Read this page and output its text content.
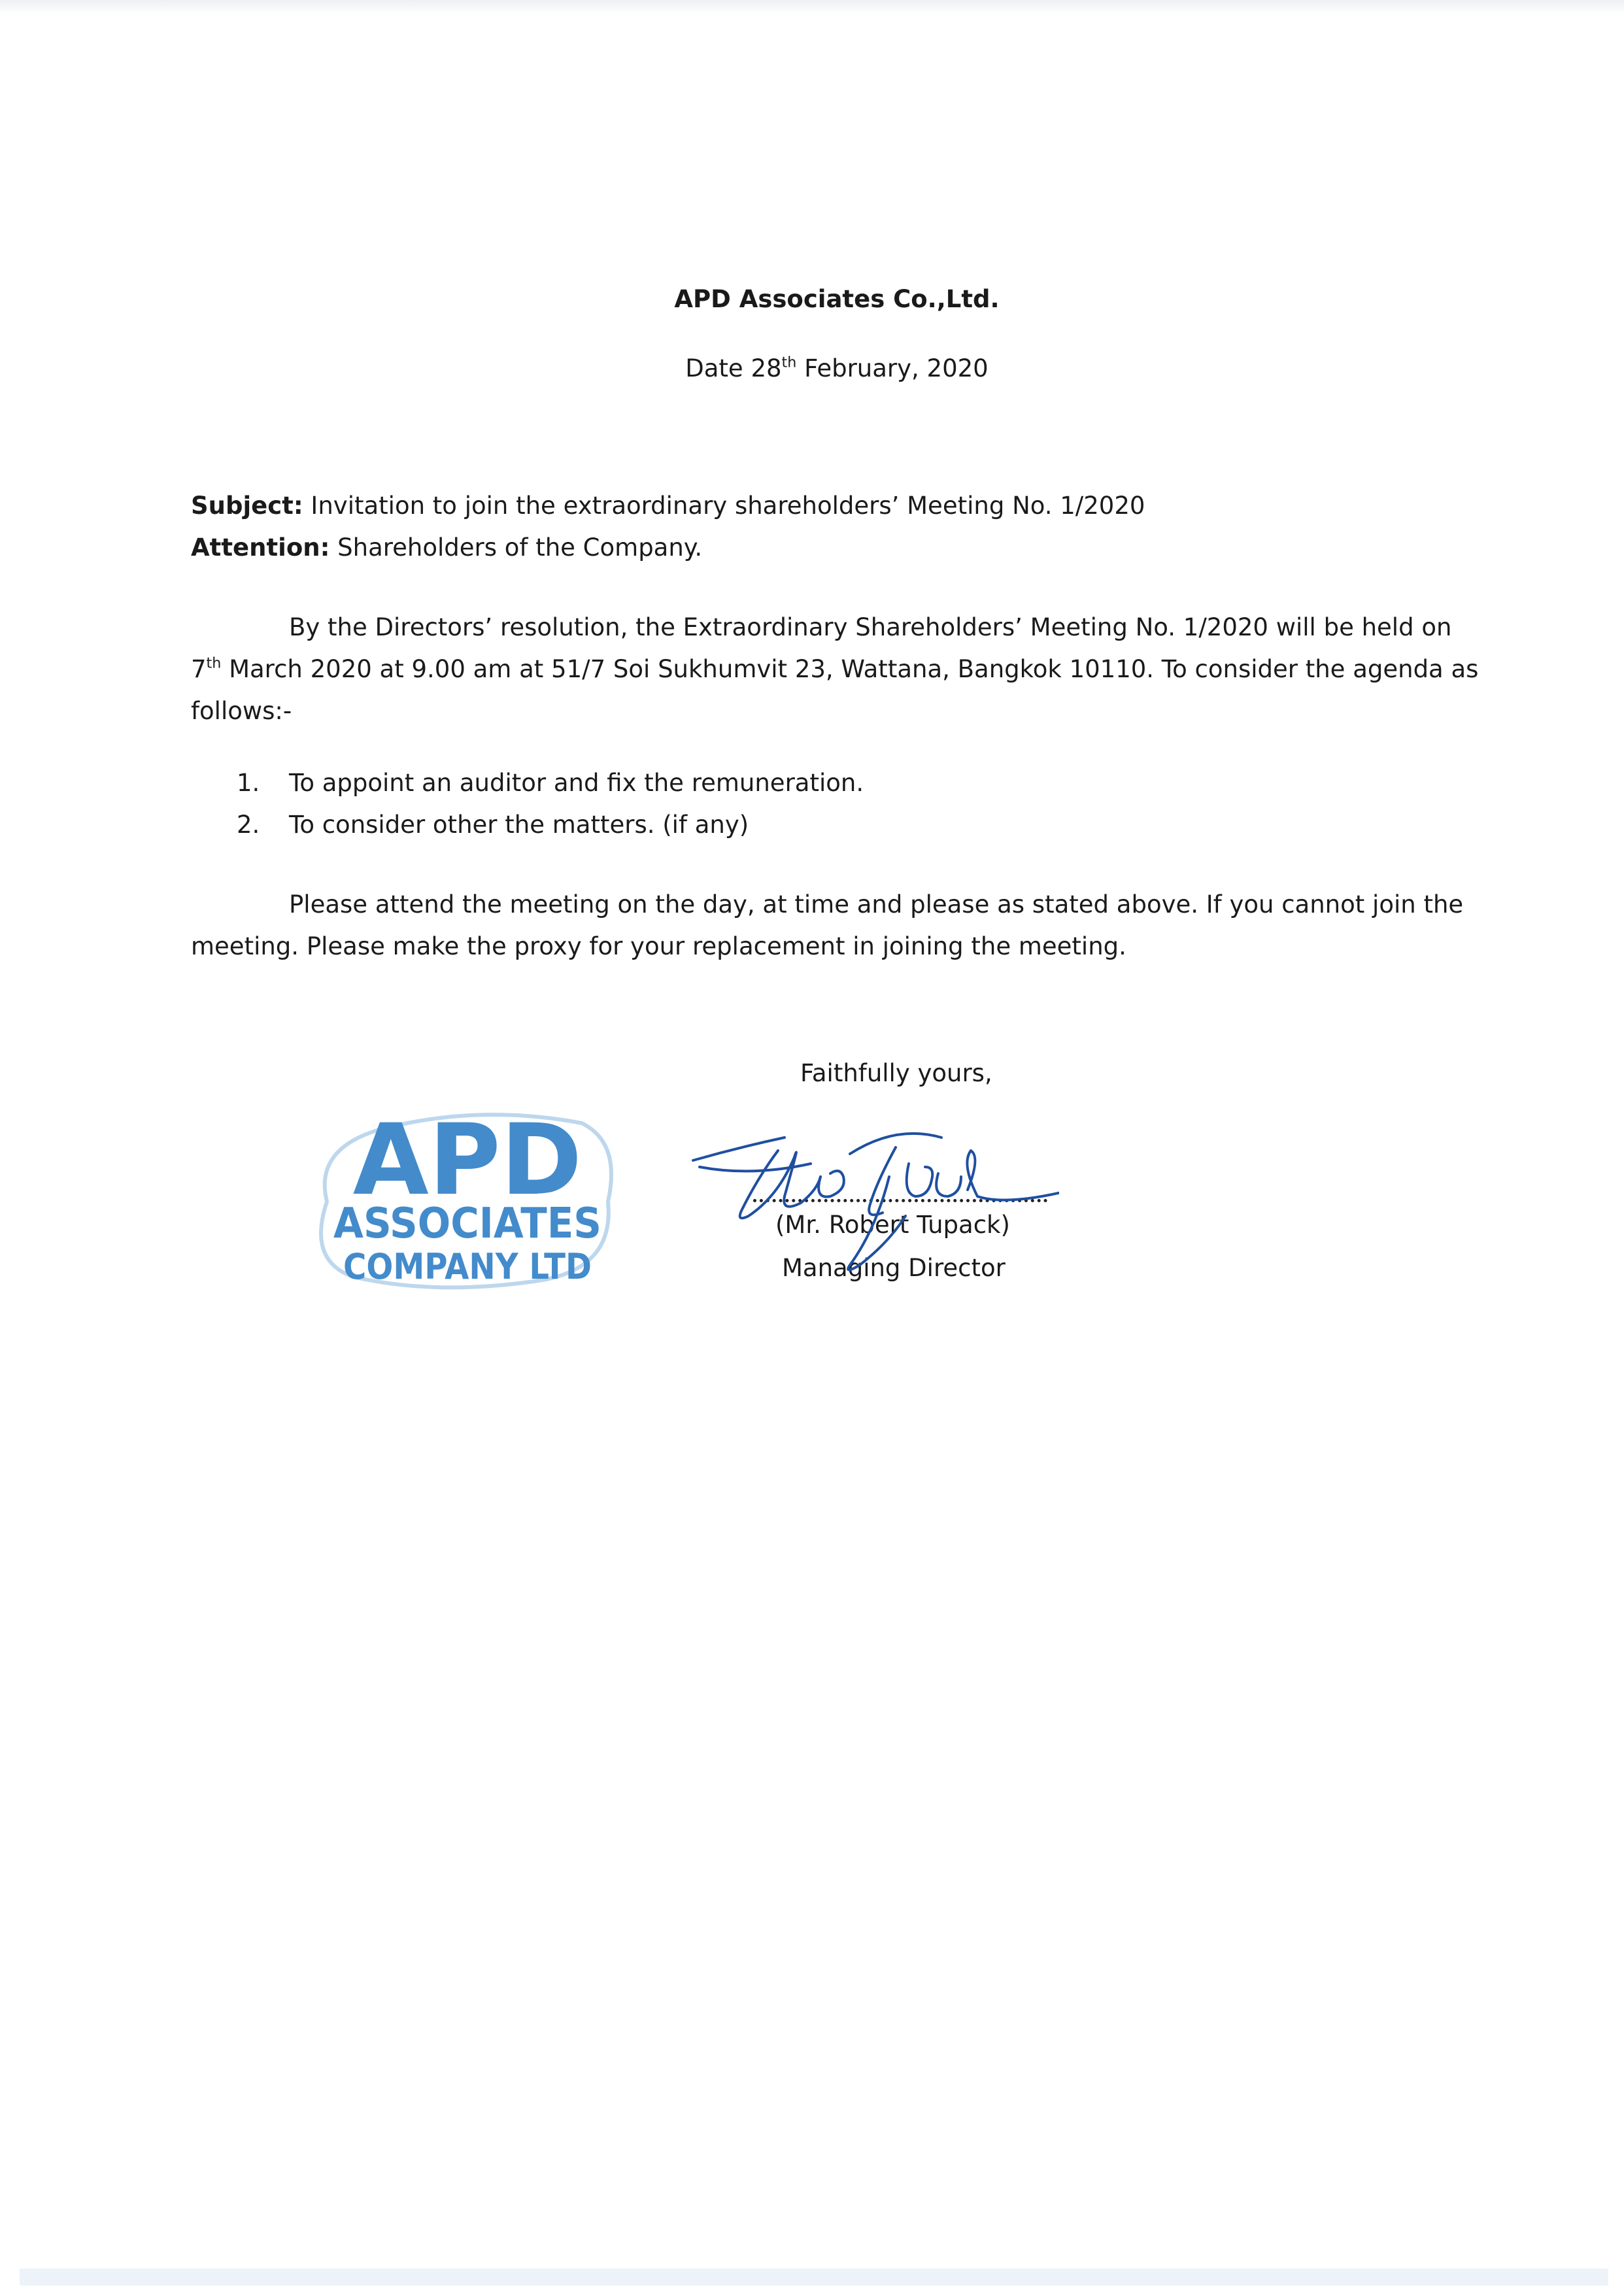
APD Associates Co.,Ltd.
Date 28th February, 2020
Subject: Invitation to join the extraordinary shareholders’ Meeting No. 1/2020
Attention: Shareholders of the Company.
By the Directors’ resolution, the Extraordinary Shareholders’ Meeting No. 1/2020 will be held on
7th March 2020 at 9.00 am at 51/7 Soi Sukhumvit 23, Wattana, Bangkok 10110. To consider the agenda as
follows:-
1. To appoint an auditor and fix the remuneration.
2. To consider other the matters. (if any)
Please attend the meeting on the day, at time and please as stated above. If you cannot join the
meeting. Please make the proxy for your replacement in joining the meeting.
Faithfully yours,
APD
ASSOCIATES
COMPANY LTD
(Mr. Robert Tupack)
Managing Director
